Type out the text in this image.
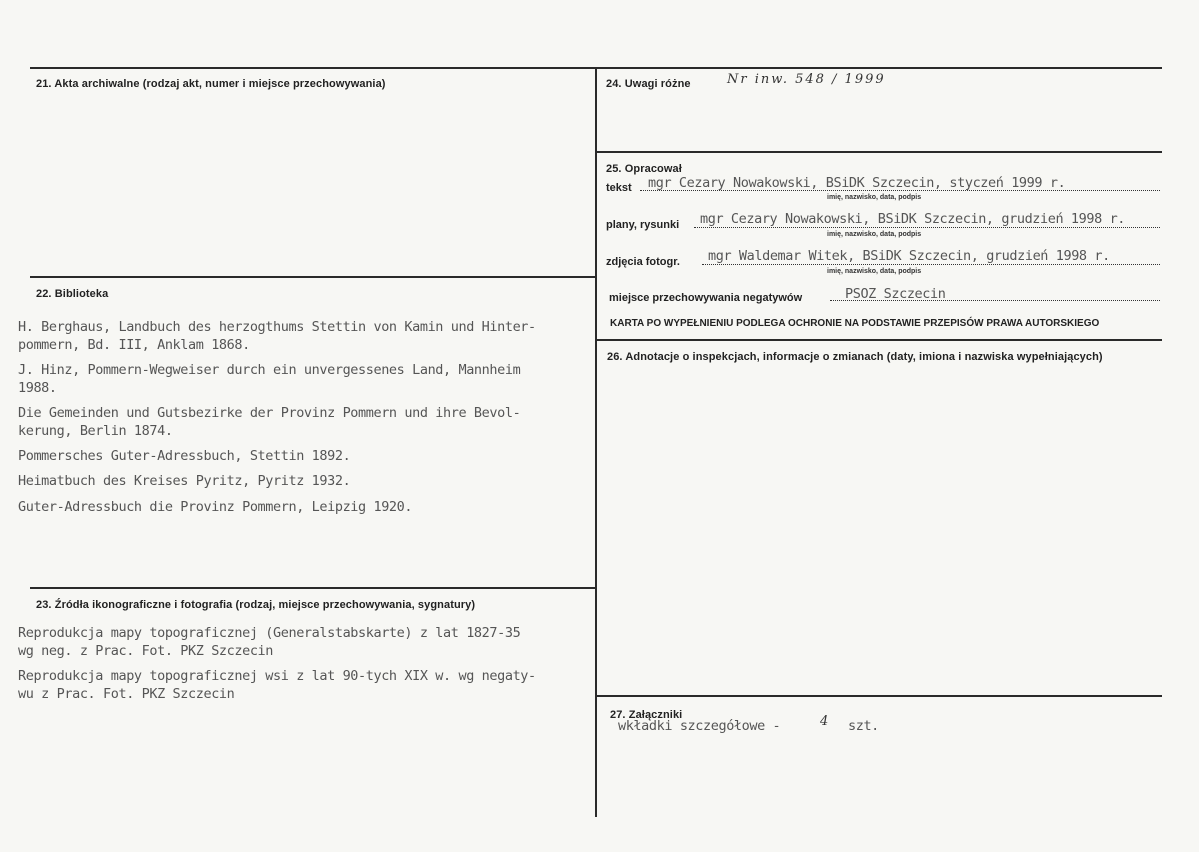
21. Akta archiwalne (rodzaj akt, numer i miejsce przechowywania)
22. Biblioteka
H. Berghaus, Landbuch des herzogthums Stettin von Kamin und Hinter-
pommern, Bd. III, Anklam 1868.
J. Hinz, Pommern-Wegweiser durch ein unvergessenes Land, Mannheim
1988.
Die Gemeinden und Gutsbezirke der Provinz Pommern und ihre Bevol-
kerung, Berlin 1874.
Pommersches Guter-Adressbuch, Stettin 1892.
Heimatbuch des Kreises Pyritz, Pyritz 1932.
Guter-Adressbuch die Provinz Pommern, Leipzig 1920.
23. Źródła ikonograficzne i fotografia (rodzaj, miejsce przechowywania, sygnatury)
Reprodukcja mapy topograficznej (Generalstabskarte) z lat 1827-35
wg neg. z Prac. Fot. PKZ Szczecin
Reprodukcja mapy topograficznej wsi z lat 90-tych XIX w. wg negaty-
wu z Prac. Fot. PKZ Szczecin
24. Uwagi różne	Nr inw. 548 / 1999
25. Opracował
tekst mgr Cezary Nowakowski, BSiDK Szczecin, styczeń 1999 r.
imię, nazwisko, data, podpis
plany, rysunki mgr Cezary Nowakowski, BSiDK Szczecin, grudzień 1998 r.
imię, nazwisko, data, podpis
zdjęcia fotogr. mgr Waldemar Witek, BSiDK Szczecin, grudzień 1998 r.
imię, nazwisko, data, podpis
miejsce przechowywania negatywów	PSOZ Szczecin
KARTA PO WYPEŁNIENIU PODLEGA OCHRONIE NA PODSTAWIE PRZEPISÓW PRAWA AUTORSKIEGO
26. Adnotacje o inspekcjach, informacje o zmianach (daty, imiona i nazwiska wypełniających)
27. Załączniki
wkładki szczegółowe -	4 szt.
